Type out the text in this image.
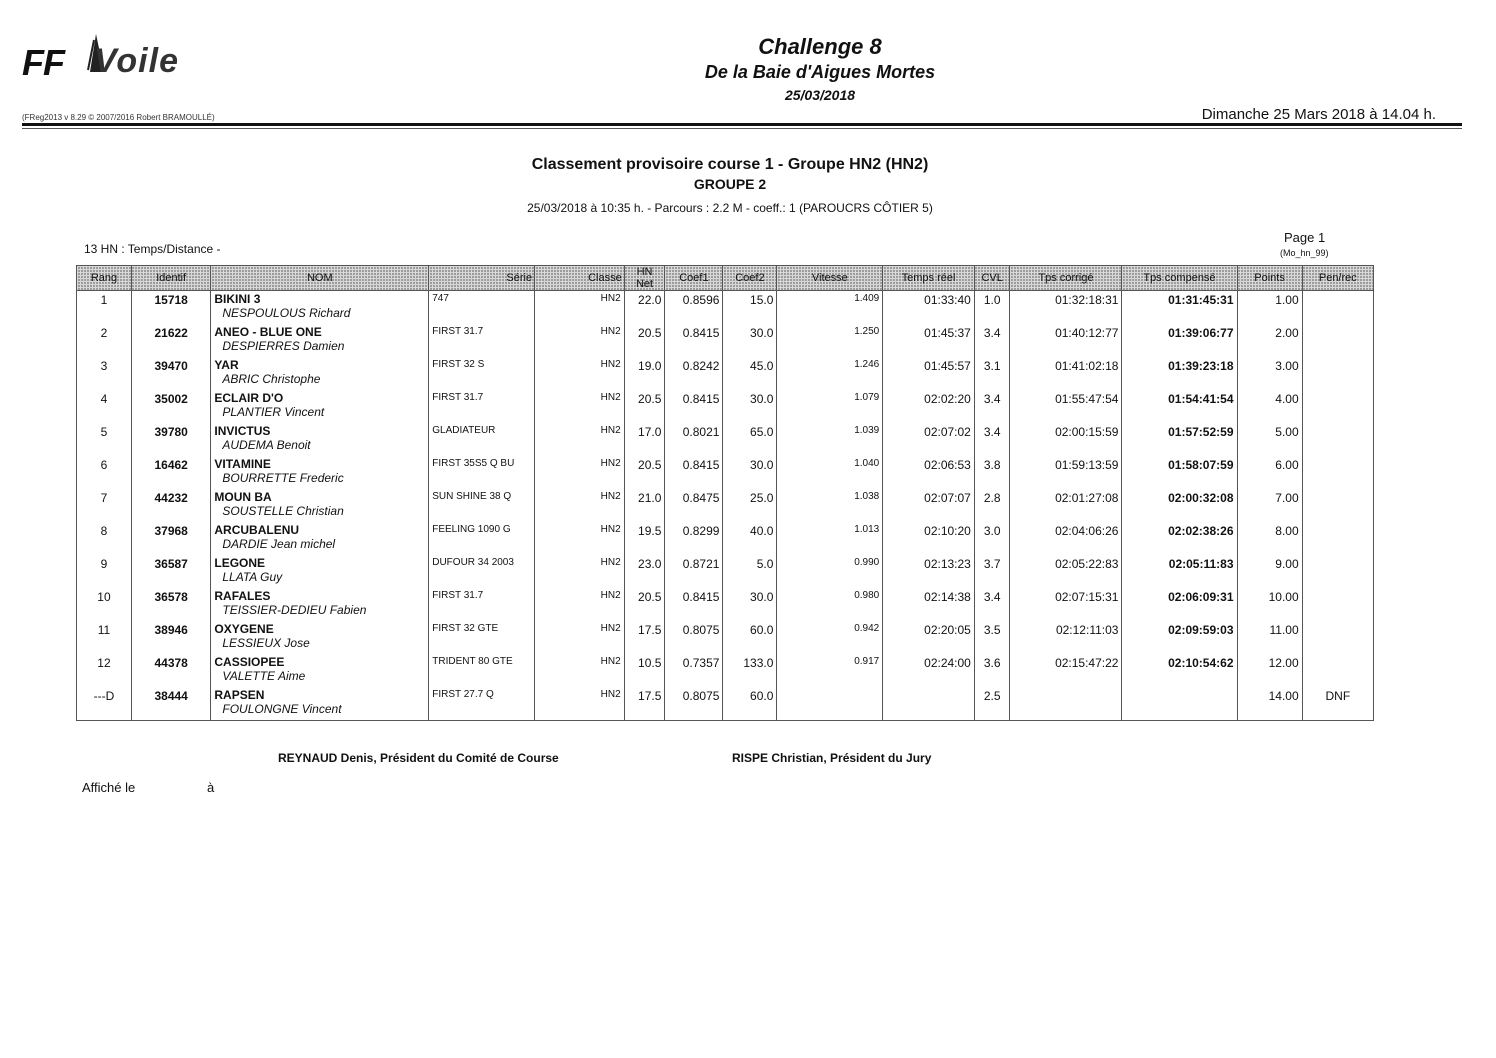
FF Voile	Challenge 8
De la Baie d'Aigues Mortes
25/03/2018
(FReg2013 v 8.29 © 2007/2016 Robert BRAMOULLÉ)	Dimanche 25 Mars 2018 à 14.04 h.
Classement provisoire course 1 - Groupe HN2 (HN2)
GROUPE 2
25/03/2018 à 10:35 h. - Parcours : 2.2 M - coeff.: 1 (PAROUCRS CÔTIER 5)
13 HN : Temps/Distance -
Page 1
(Mo_hn_99)
Rang	Identif	NOM	Série	Classe	HN Net	Coef1	Coef2	Vitesse	Temps réel	CVL	Tps corrigé	Tps compensé	Points	Pen/rec
1	15718	BIKINI 3
NESPOULOUS Richard	747	HN2	22.0	0.8596	15.0	1.409	01:33:40	1.0	01:32:18:31	01:31:45:31	1.00	
2	21622	ANEO - BLUE ONE
DESPIERRES Damien	FIRST 31.7	HN2	20.5	0.8415	30.0	1.250	01:45:37	3.4	01:40:12:77	01:39:06:77	2.00	
3	39470	YAR
ABRIC Christophe	FIRST 32 S	HN2	19.0	0.8242	45.0	1.246	01:45:57	3.1	01:41:02:18	01:39:23:18	3.00	
4	35002	ECLAIR D'O
PLANTIER Vincent	FIRST 31.7	HN2	20.5	0.8415	30.0	1.079	02:02:20	3.4	01:55:47:54	01:54:41:54	4.00	
5	39780	INVICTUS
AUDEMA Benoit	GLADIATEUR	HN2	17.0	0.8021	65.0	1.039	02:07:02	3.4	02:00:15:59	01:57:52:59	5.00	
6	16462	VITAMINE
BOURRETTE Frederic	FIRST 35S5 Q BU	HN2	20.5	0.8415	30.0	1.040	02:06:53	3.8	01:59:13:59	01:58:07:59	6.00	
7	44232	MOUN BA
SOUSTELLE Christian	SUN SHINE 38 Q	HN2	21.0	0.8475	25.0	1.038	02:07:07	2.8	02:01:27:08	02:00:32:08	7.00	
8	37968	ARCUBALENU
DARDIE Jean michel	FEELING 1090 G	HN2	19.5	0.8299	40.0	1.013	02:10:20	3.0	02:04:06:26	02:02:38:26	8.00	
9	36587	LEGONE
LLATA Guy	DUFOUR 34 2003	HN2	23.0	0.8721	5.0	0.990	02:13:23	3.7	02:05:22:83	02:05:11:83	9.00	
10	36578	RAFALES
TEISSIER-DEDIEU Fabien	FIRST 31.7	HN2	20.5	0.8415	30.0	0.980	02:14:38	3.4	02:07:15:31	02:06:09:31	10.00	
11	38946	OXYGENE
LESSIEUX Jose	FIRST 32 GTE	HN2	17.5	0.8075	60.0	0.942	02:20:05	3.5	02:12:11:03	02:09:59:03	11.00	
12	44378	CASSIOPEE
VALETTE Aime	TRIDENT 80 GTE	HN2	10.5	0.7357	133.0	0.917	02:24:00	3.6	02:15:47:22	02:10:54:62	12.00	
---D	38444	RAPSEN
FOULONGNE Vincent	FIRST 27.7 Q	HN2	17.5	0.8075	60.0			2.5			14.00	DNF
REYNAUD Denis, Président du Comité de Course	RISPE Christian, Président du Jury
Affiché le	à
